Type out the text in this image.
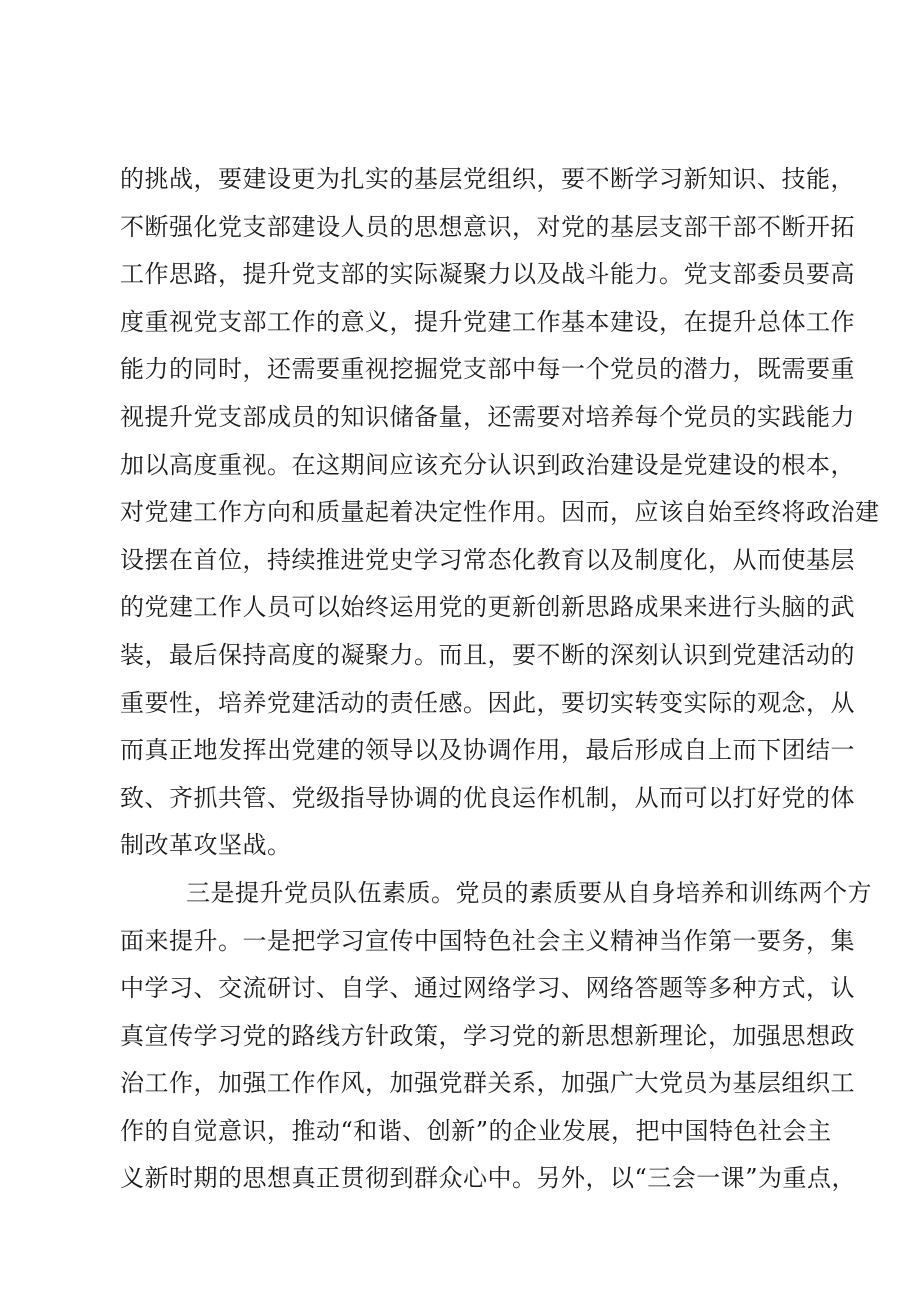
的挑战，要建设更为扎实的基层党组织，要不断学习新知识、技能，
不断强化党支部建设人员的思想意识，对党的基层支部干部不断开拓
工作思路，提升党支部的实际凝聚力以及战斗能力。党支部委员要高
度重视党支部工作的意义，提升党建工作基本建设，在提升总体工作
能力的同时，还需要重视挖掘党支部中每一个党员的潜力，既需要重
视提升党支部成员的知识储备量，还需要对培养每个党员的实践能力
加以高度重视。在这期间应该充分认识到政治建设是党建设的根本，
对党建工作方向和质量起着决定性作用。因而，应该自始至终将政治建
设摆在首位，持续推进党史学习常态化教育以及制度化，从而使基层
的党建工作人员可以始终运用党的更新创新思路成果来进行头脑的武
装，最后保持高度的凝聚力。而且，要不断的深刻认识到党建活动的
重要性，培养党建活动的责任感。因此，要切实转变实际的观念，从
而真正地发挥出党建的领导以及协调作用，最后形成自上而下团结一
致、齐抓共管、党级指导协调的优良运作机制，从而可以打好党的体
制改革攻坚战。
三是提升党员队伍素质。党员的素质要从自身培养和训练两个方
面来提升。一是把学习宣传中国特色社会主义精神当作第一要务，集
中学习、交流研讨、自学、通过网络学习、网络答题等多种方式，认
真宣传学习党的路线方针政策，学习党的新思想新理论，加强思想政
治工作，加强工作作风，加强党群关系，加强广大党员为基层组织工
作的自觉意识，推动“和谐、创新”的企业发展，把中国特色社会主
义新时期的思想真正贯彻到群众心中。另外，以“三会一课”为重点，
